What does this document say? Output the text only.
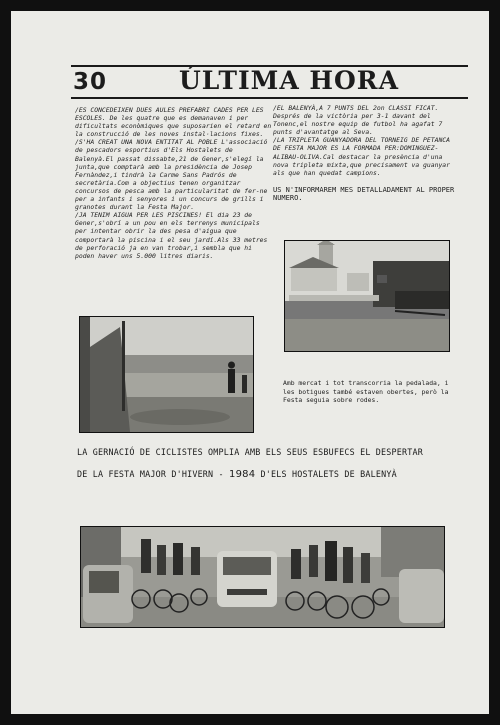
30	ÚLTIMA HORA

/ES CONCEDEIXEN DUES AULES PREFABRI CADES PER LES ESCOLES. De les quatre que es demanaven i per dificultats econòmiques que suposarien el retard en la construcció de les noves instal·lacions fixes.

/S'HA CREAT UNA NOVA ENTITAT AL POBLE L'associació de pescadors esportius d'Els Hostalets de Balenyà.El passat dissabte,21 de Gener,s'elegí la junta,que comptarà amb la presidència de Josep Fernàndez,i tindrà la Carme Sans Padrós de secretària.Com a objectius tenen organitzar concursos de pesca amb la particularitat de fer-ne per a infants i senyores i un concurs de grills i granotes durant la Festa Major.

/JA TENIM AIGUA PER LES PISCINES! El dia 23 de Gener,s'obrí a un pou en els terrenys municipals per intentar obrir la des pesa d'aigua que comportarà la piscina i el seu jardí.Als 33 metres de perforació ja en van trobar,i sembla que hi poden haver uns 5.000 litres diaris.

/EL BALENYÀ,A 7 PUNTS DEL 2on CLASSI FICAT. Després de la victòria per 3-1 davant del Tonenc,el nostre equip de futbol ha agafat 7 punts d'avantatge al Seva.

/LA TRIPLETA GUANYADORA DEL TORNEIG DE PETANCA DE FESTA MAJOR ES LA FORMADA PER:DOMINGUEZ-ALIBAU-OLIVA.Cal destacar la presència d'una nova tripleta mixta,que precisament va guanyar als que han quedat campions.

US N'INFORMAREM MES DETALLADAMENT AL PROPER NUMERO.

Amb mercat i tot transcorria la pedalada, i les botigues també estaven obertes, però la Festa seguia sobre rodes.
LA GERNACIÓ DE CICLISTES OMPLIA AMB ELS SEUS ESBUFECS EL DESPERTAR
DE LA FESTA MAJOR D'HIVERN - 1984 D'ELS HOSTALETS DE BALENYÀ
